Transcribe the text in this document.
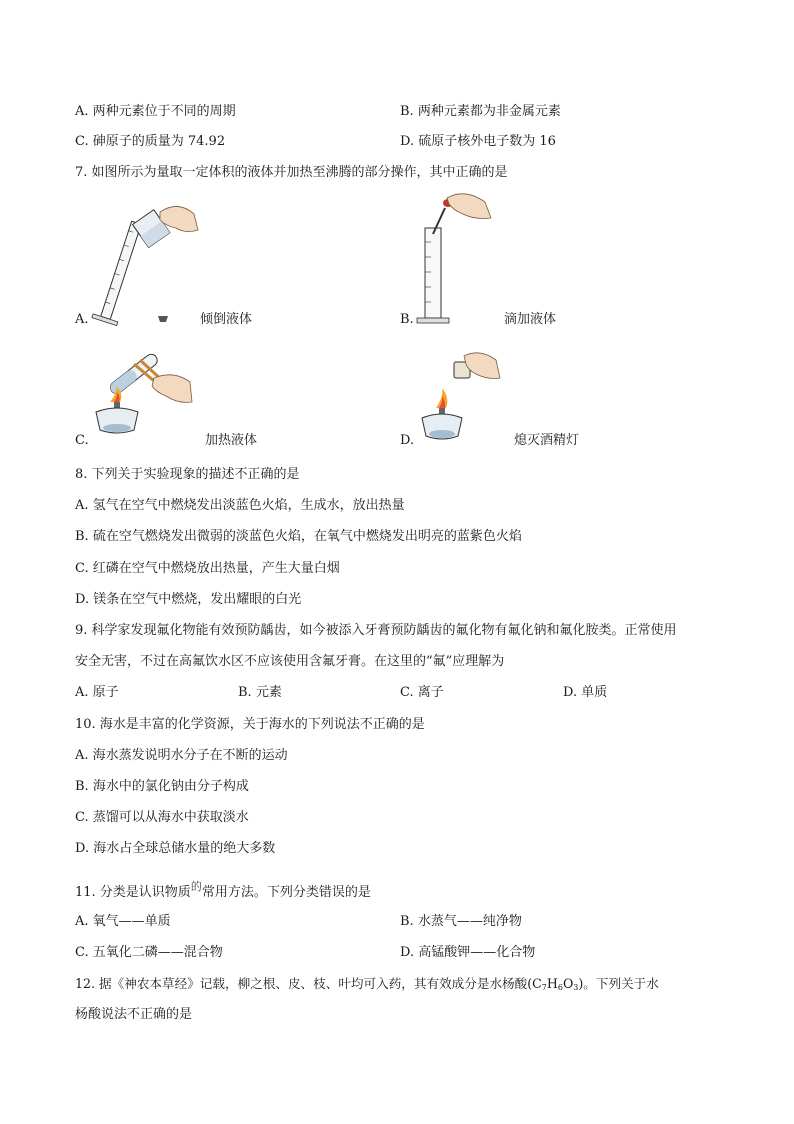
A. 两种元素位于不同的周期	B. 两种元素都为非金属元素
C. 砷原子的质量为 74.92	D. 硫原子核外电子数为 16
7. 如图所示为量取一定体积的液体并加热至沸腾的部分操作，其中正确的是
A.	倾倒液体	B.	滴加液体
C.	加热液体	D.	熄灭酒精灯
8. 下列关于实验现象的描述不正确的是
A. 氢气在空气中燃烧发出淡蓝色火焰，生成水，放出热量
B. 硫在空气燃烧发出微弱的淡蓝色火焰，在氧气中燃烧发出明亮的蓝紫色火焰
C. 红磷在空气中燃烧放出热量，产生大量白烟
D. 镁条在空气中燃烧，发出耀眼的白光
9. 科学家发现氟化物能有效预防龋齿，如今被添入牙膏预防龋齿的氟化物有氟化钠和氟化胺类。正常使用
安全无害，不过在高氟饮水区不应该使用含氟牙膏。在这里的“氟”应理解为
A. 原子	B. 元素	C. 离子	D. 单质
10. 海水是丰富的化学资源，关于海水的下列说法不正确的是
A. 海水蒸发说明水分子在不断的运动
B. 海水中的氯化钠由分子构成
C. 蒸馏可以从海水中获取淡水
D. 海水占全球总储水量的绝大多数
11. 分类是认识物质$^的$常用方法。下列分类错误的是
A. 氧气——单质	B. 水蒸气——纯净物
C. 五氧化二磷——混合物	D. 高锰酸钾——化合物
12. 据《神农本草经》记载，柳之根、皮、枝、叶均可入药，其有效成分是水杨酸$(C_7H_6O_3)$。下列关于水
杨酸说法不正确的是
